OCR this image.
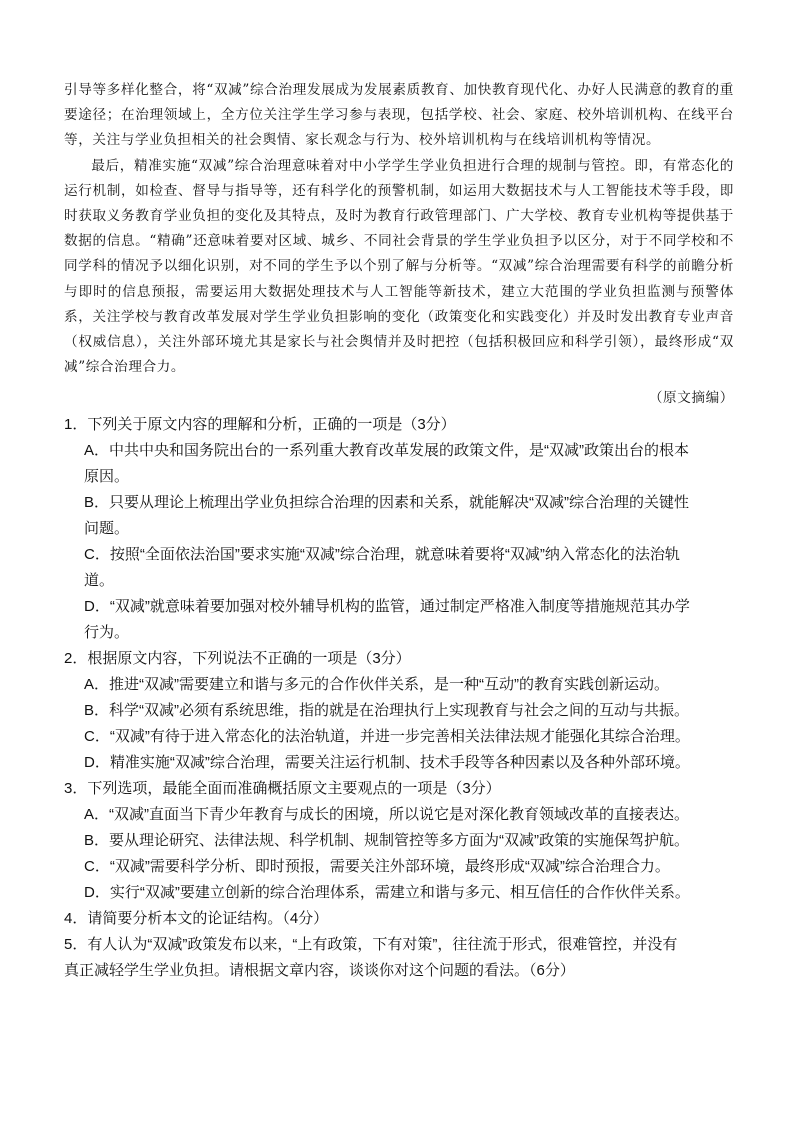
引导等多样化整合，将“双减”综合治理发展成为发展素质教育、加快教育现代化、办好人民满意的教育的重要途径；在治理领域上，全方位关注学生学习参与表现，包括学校、社会、家庭、校外培训机构、在线平台等，关注与学业负担相关的社会舆情、家长观念与行为、校外培训机构与在线培训机构等情况。

最后，精准实施“双减”综合治理意味着对中小学学生学业负担进行合理的规制与管控。即，有常态化的运行机制，如检查、督导与指导等，还有科学化的预警机制，如运用大数据技术与人工智能技术等手段，即时获取义务教育学业负担的变化及其特点，及时为教育行政管理部门、广大学校、教育专业机构等提供基于数据的信息。“精确”还意味着要对区域、城乡、不同社会背景的学生学业负担予以区分，对于不同学校和不同学科的情况予以细化识别，对不同的学生予以个别了解与分析等。“双减”综合治理需要有科学的前瞻分析与即时的信息预报，需要运用大数据处理技术与人工智能等新技术，建立大范围的学业负担监测与预警体系，关注学校与教育改革发展对学生学业负担影响的变化（政策变化和实践变化）并及时发出教育专业声音（权威信息），关注外部环境尤其是家长与社会舆情并及时把控（包括积极回应和科学引领），最终形成“双减”综合治理合力。

（原文摘编）
1．下列关于原文内容的理解和分析，正确的一项是（3分）
A．中共中央和国务院出台的一系列重大教育改革发展的政策文件，是“双减”政策出台的根本
原因。
B．只要从理论上梳理出学业负担综合治理的因素和关系，就能解决“双减”综合治理的关键性
问题。
C．按照“全面依法治国”要求实施“双减”综合治理，就意味着要将“双减”纳入常态化的法治轨
道。
D．“双减”就意味着要加强对校外辅导机构的监管，通过制定严格准入制度等措施规范其办学
行为。
2．根据原文内容，下列说法不正确的一项是（3分）
A．推进“双减”需要建立和谐与多元的合作伙伴关系，是一种“互动”的教育实践创新运动。
B．科学“双减”必须有系统思维，指的就是在治理执行上实现教育与社会之间的互动与共振。
C．“双减”有待于进入常态化的法治轨道，并进一步完善相关法律法规才能强化其综合治理。
D．精准实施“双减”综合治理，需要关注运行机制、技术手段等各种因素以及各种外部环境。
3．下列选项，最能全面而准确概括原文主要观点的一项是（3分）
A．“双减”直面当下青少年教育与成长的困境，所以说它是对深化教育领域改革的直接表达。
B．要从理论研究、法律法规、科学机制、规制管控等多方面为“双减”政策的实施保驾护航。
C．“双减”需要科学分析、即时预报，需要关注外部环境，最终形成“双减”综合治理合力。
D．实行“双减”要建立创新的综合治理体系，需建立和谐与多元、相互信任的合作伙伴关系。
4．请简要分析本文的论证结构。（4分）
5．有人认为“双减”政策发布以来，“上有政策，下有对策”，往往流于形式，很难管控，并没有
真正减轻学生学业负担。请根据文章内容，谈谈你对这个问题的看法。（6分）
